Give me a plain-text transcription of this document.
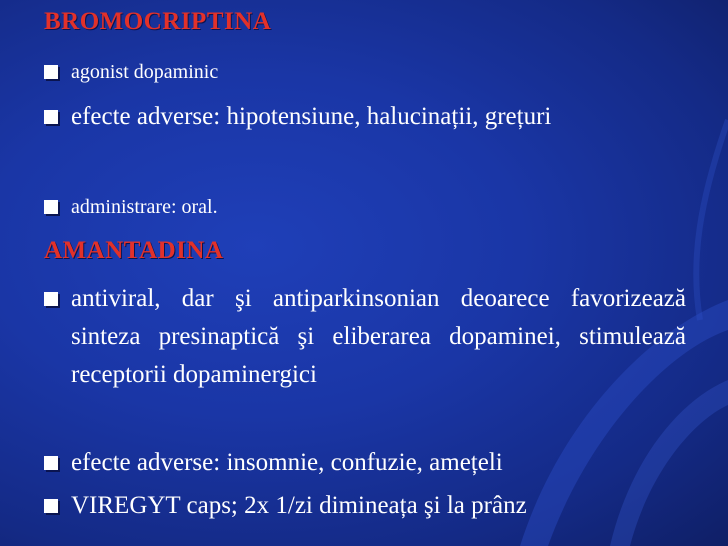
BROMOCRIPTINA
agonist dopaminic
efecte adverse: hipotensiune, halucinații, grețuri
administrare: oral.
AMANTADINA
antiviral, dar şi antiparkinsonian deoarece favorizează sinteza presinaptică şi eliberarea dopaminei, stimulează receptorii dopaminergici
efecte adverse: insomnie, confuzie, amețeli
VIREGYT caps; 2x 1/zi dimineața şi la prânz
